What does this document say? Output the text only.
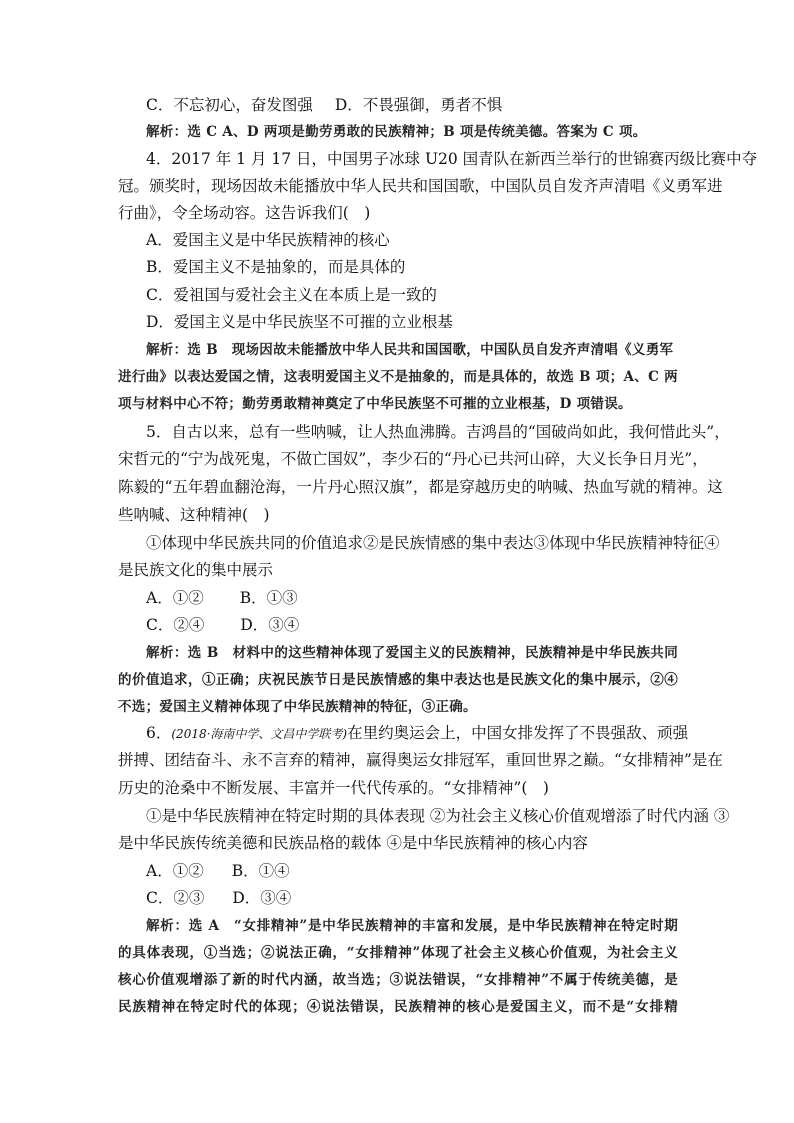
C．不忘初心，奋发图强 D．不畏强御，勇者不惧
解析：选 C A、D 两项是勤劳勇敢的民族精神；B 项是传统美德。答案为 C 项。
4．2017 年 1 月 17 日，中国男子冰球 U20 国青队在新西兰举行的世锦赛丙级比赛中夺
冠。颁奖时，现场因故未能播放中华人民共和国国歌，中国队员自发齐声清唱《义勇军进
行曲》，令全场动容。这告诉我们(　)
A．爱国主义是中华民族精神的核心
B．爱国主义不是抽象的，而是具体的
C．爱祖国与爱社会主义在本质上是一致的
D．爱国主义是中华民族坚不可摧的立业根基
解析：选 B　现场因故未能播放中华人民共和国国歌，中国队员自发齐声清唱《义勇军
进行曲》以表达爱国之情，这表明爱国主义不是抽象的，而是具体的，故选 B 项；A、C 两
项与材料中心不符；勤劳勇敢精神奠定了中华民族坚不可摧的立业根基，D 项错误。
5．自古以来，总有一些呐喊，让人热血沸腾。吉鸿昌的“国破尚如此，我何惜此头”，
宋哲元的“宁为战死鬼，不做亡国奴”，李少石的“丹心已共河山碎，大义长争日月光”，
陈毅的“五年碧血翻沧海，一片丹心照汉旗”，都是穿越历史的呐喊、热血写就的精神。这
些呐喊、这种精神(　)
①体现中华民族共同的价值追求②是民族情感的集中表达③体现中华民族精神特征④
是民族文化的集中展示
A．①② B．①③
C．②④ D．③④
解析：选 B　材料中的这些精神体现了爱国主义的民族精神，民族精神是中华民族共同
的价值追求，①正确；庆祝民族节日是民族情感的集中表达也是民族文化的集中展示，②④
不选；爱国主义精神体现了中华民族精神的特征，③正确。
6．(2018·海南中学、文昌中学联考)在里约奥运会上，中国女排发挥了不畏强敌、顽强
拼搏、团结奋斗、永不言弃的精神，赢得奥运女排冠军，重回世界之巅。“女排精神”是在
历史的沧桑中不断发展、丰富并一代代传承的。“女排精神”(　)
①是中华民族精神在特定时期的具体表现 ②为社会主义核心价值观增添了时代内涵 ③
是中华民族传统美德和民族品格的载体 ④是中华民族精神的核心内容
A．①② B．①④
C．②③ D．③④
解析：选 A　“女排精神”是中华民族精神的丰富和发展，是中华民族精神在特定时期
的具体表现，①当选；②说法正确，“女排精神”体现了社会主义核心价值观，为社会主义
核心价值观增添了新的时代内涵，故当选；③说法错误，“女排精神”不属于传统美德，是
民族精神在特定时代的体现；④说法错误，民族精神的核心是爱国主义，而不是“女排精
